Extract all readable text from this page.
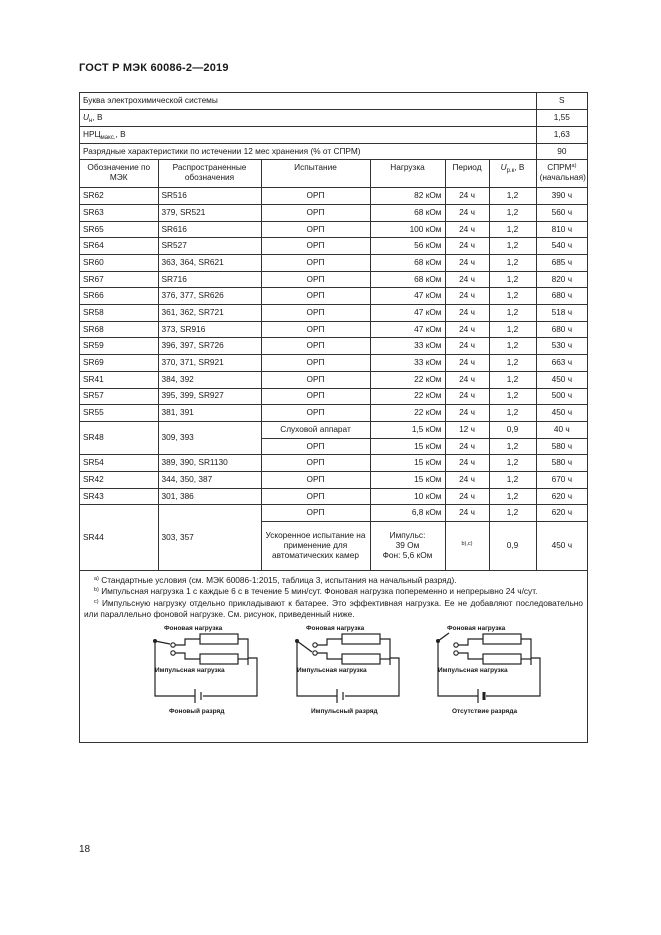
ГОСТ Р МЭК 60086-2—2019
Буква электрохимической системы						S
$U_н$, В						1,55
$НРЦ_{макс.}$, В						1,63
Разрядные характеристики по истечении 12 мес хранения (% от СПРМ)						90
Обозначение по МЭК	Распространенные обозначения	Испытание	Нагрузка	Период	$U_{р.к}$, В	$СПРМ^{а)}$
(начальная)
SR62	SR516	ОРП	82 кОм	24 ч	1,2	390 ч
SR63	379, SR521	ОРП	68 кОм	24 ч	1,2	560 ч
SR65	SR616	ОРП	100 кОм	24 ч	1,2	810 ч
SR64	SR527	ОРП	56 кОм	24 ч	1,2	540 ч
SR60	363, 364, SR621	ОРП	68 кОм	24 ч	1,2	685 ч
SR67	SR716	ОРП	68 кОм	24 ч	1,2	820 ч
SR66	376, 377, SR626	ОРП	47 кОм	24 ч	1,2	680 ч
SR58	361, 362, SR721	ОРП	47 кОм	24 ч	1,2	518 ч
SR68	373, SR916	ОРП	47 кОм	24 ч	1,2	680 ч
SR59	396, 397, SR726	ОРП	33 кОм	24 ч	1,2	530 ч
SR69	370, 371, SR921	ОРП	33 кОм	24 ч	1,2	663 ч
SR41	384, 392	ОРП	22 кОм	24 ч	1,2	450 ч
SR57	395, 399, SR927	ОРП	22 кОм	24 ч	1,2	500 ч
SR55	381, 391	ОРП	22 кОм	24 ч	1,2	450 ч
SR48	309, 393	Слуховой аппарат	1,5 кОм	12 ч	0,9	40 ч
		ОРП	15 кОм	24 ч	1,2	580 ч
SR54	389, 390, SR1130	ОРП	15 кОм	24 ч	1,2	580 ч
SR42	344, 350, 387	ОРП	15 кОм	24 ч	1,2	670 ч
SR43	301, 386	ОРП	10 кОм	24 ч	1,2	620 ч
SR44	303, 357	ОРП	6,8 кОм	24 ч	1,2	620 ч
		Ускоренное испытание на применение для автоматических камер	Импульс:
39 Ом
Фон: 5,6 кОм	$^{b),c)}$	0,9	450 ч

$^{a)}$ Стандартные условия (см. МЭК 60086-1:2015, таблица 3, испытания на начальный разряд).

$^{b)}$ Импульсная нагрузка 1 с каждые 6 с в течение 5 мин/сут. Фоновая нагрузка попеременно и непрерывно 24 ч/сут.

$^{c)}$ Импульсную нагрузку отдельно прикладывают к батарее. Это эффективная нагрузка. Ее не добавляют последовательно или параллельно фоновой нагрузке. См. рисунок, приведенный ниже.

Фоновая нагрузка
Импульсная нагрузка
Фоновый разряд
Фоновая нагрузка
Импульсная нагрузка
Импульсный разряд
Фоновая нагрузка
Импульсная нагрузка
Отсутствие разряда
18
